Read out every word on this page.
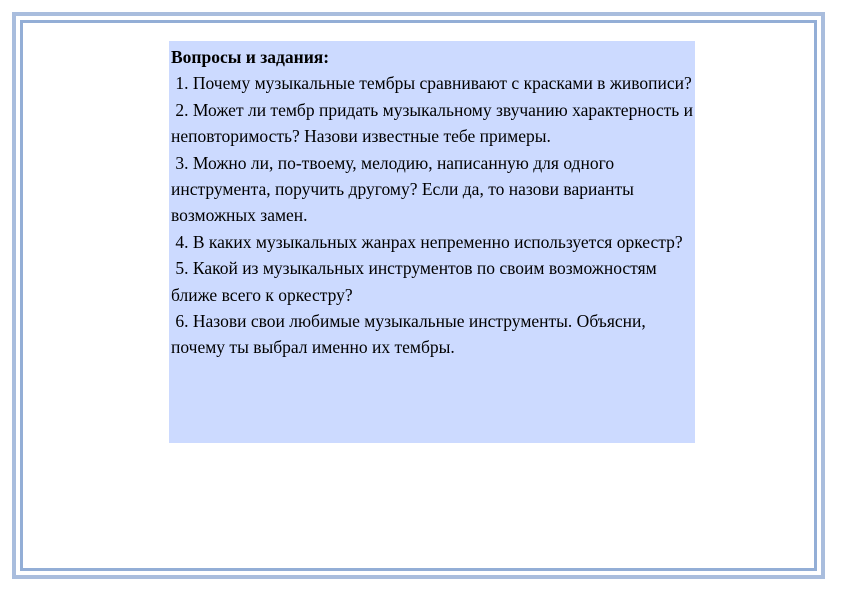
Вопросы и задания:

1. Почему музыкальные тембры сравнивают с красками в живописи?

2. Может ли тембр придать музыкальному звучанию характерность и неповторимость? Назови известные тебе примеры.

3. Можно ли, по-твоему, мелодию, написанную для одного инструмента, поручить другому? Если да, то назови варианты возможных замен.

4. В каких музыкальных жанрах непременно используется оркестр?

5. Какой из музыкальных инструментов по своим возможностям ближе всего к оркестру?

6. Назови свои любимые музыкальные инструменты. Объясни, почему ты выбрал именно их тембры.
